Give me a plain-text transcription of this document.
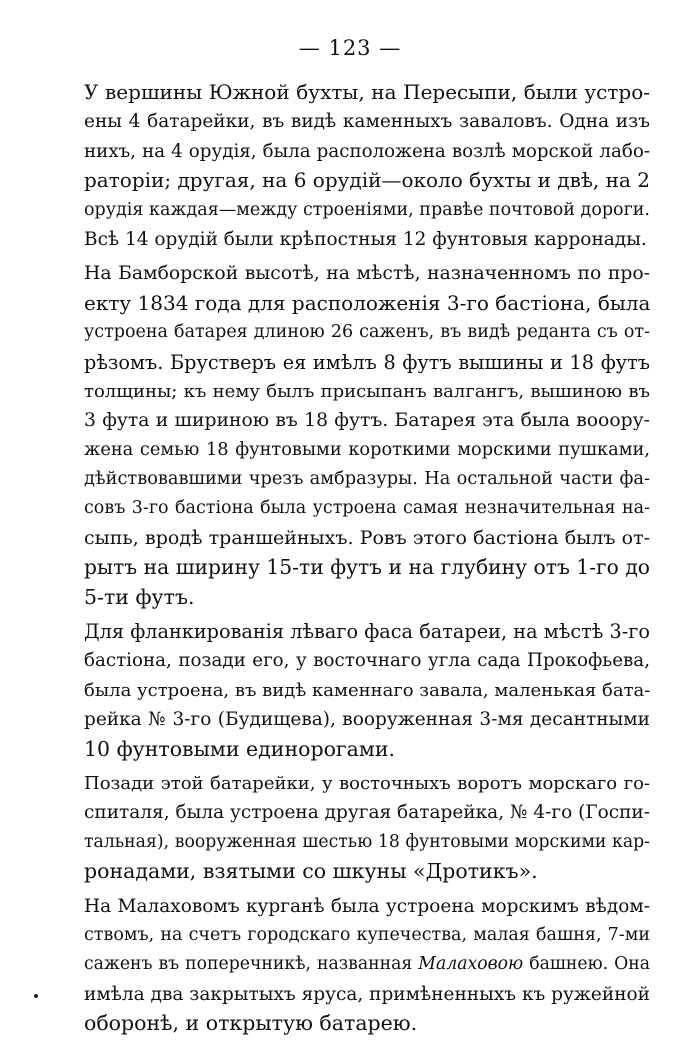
— 123 —
У вершины Южной бухты, на Пересыпи, были устро-
ены 4 батарейки, въ видѣ каменныхъ заваловъ. Одна изъ
нихъ, на 4 орудія, была расположена возлѣ морской лабо-
раторіи; другая, на 6 орудій—около бухты и двѣ, на 2
орудія каждая—между строеніями, правѣе почтовой дороги.
Всѣ 14 орудій были крѣпостныя 12 фунтовыя карронады.
На Бамборской высотѣ, на мѣстѣ, назначенномъ по про-
екту 1834 года для расположенія 3-го бастіона, была
устроена батарея длиною 26 саженъ, въ видѣ реданта съ от-
рѣзомъ. Брустверъ ея имѣлъ 8 футъ вышины и 18 футъ
толщины; къ нему былъ присыпанъ валгангъ, вышиною въ
3 фута и шириною въ 18 футъ. Батарея эта была вооору-
жена семью 18 фунтовыми короткими морскими пушками,
дѣйствовавшими чрезъ амбразуры. На остальной части фа-
совъ 3-го бастіона была устроена самая незначительная на-
сыпь, вродѣ траншейныхъ. Ровъ этого бастіона былъ от-
рытъ на ширину 15-ти футъ и на глубину отъ 1-го до
5-ти футъ.
Для фланкированія лѣваго фаса батареи, на мѣстѣ 3-го
бастіона, позади его, у восточнаго угла сада Прокофьева,
была устроена, въ видѣ каменнаго завала, маленькая бата-
рейка № 3-го (Будищева), вооруженная 3-мя десантными
10 фунтовыми единорогами.
Позади этой батарейки, у восточныхъ воротъ морскаго го-
спиталя, была устроена другая батарейка, № 4-го (Госпи-
тальная), вооруженная шестью 18 фунтовыми морскими кар-
ронадами, взятыми со шкуны «Дротикъ».
На Малаховомъ курганѣ была устроена морскимъ вѣдом-
ствомъ, на счетъ городскаго купечества, малая башня, 7-ми
саженъ въ поперечникѣ, названная Малаховою башнею. Она
имѣла два закрытыхъ яруса, примѣненныхъ къ ружейной
оборонѣ, и открытую батарею.
